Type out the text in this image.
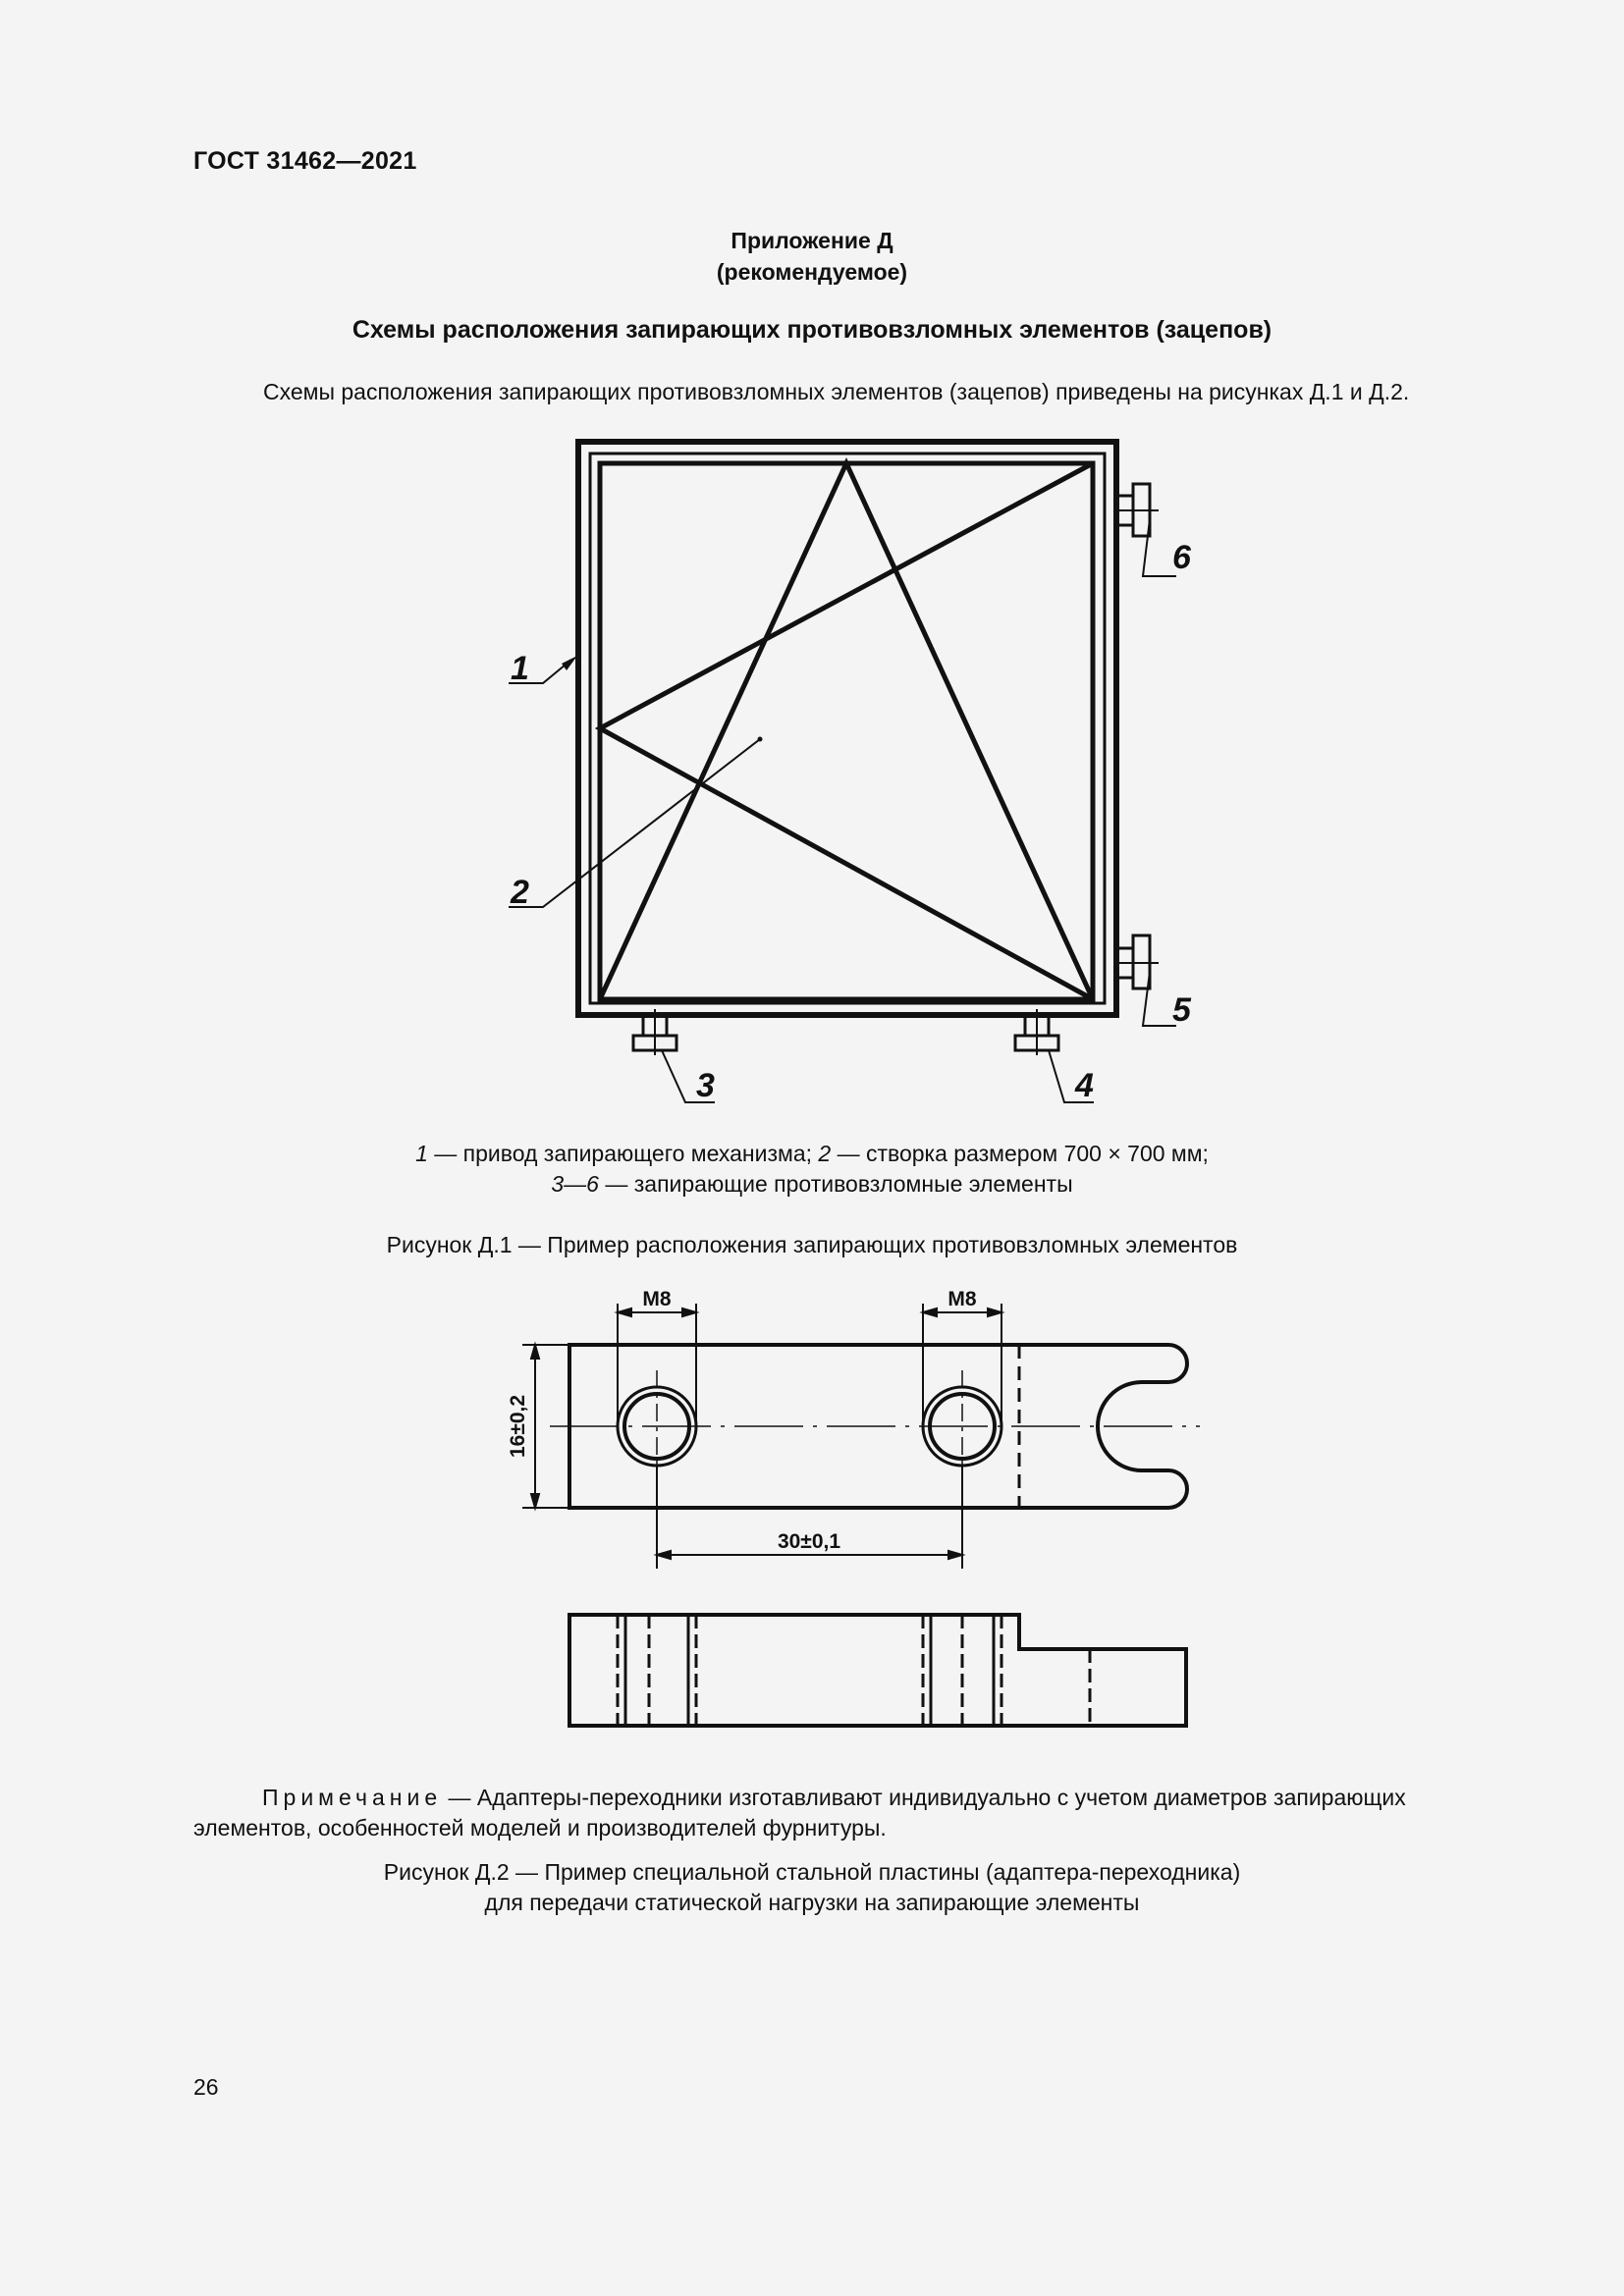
ГОСТ 31462—2021
Приложение Д
(рекомендуемое)
Схемы расположения запирающих противовзломных элементов (зацепов)
Схемы расположения запирающих противовзломных элементов (зацепов) приведены на рисунках Д.1 и Д.2.
1
2
3	4
5
6
М8	М8
30±0,1
16±0,2
1 — привод запирающего механизма; 2 — створка размером 700 × 700 мм;
3—6 — запирающие противовзломные элементы
Рисунок Д.1 — Пример расположения запирающих противовзломных элементов
Примечание — Адаптеры-переходники изготавливают индивидуально с учетом диаметров запирающих элементов, особенностей моделей и производителей фурнитуры.
Рисунок Д.2 — Пример специальной стальной пластины (адаптера-переходника)
для передачи статической нагрузки на запирающие элементы
26
